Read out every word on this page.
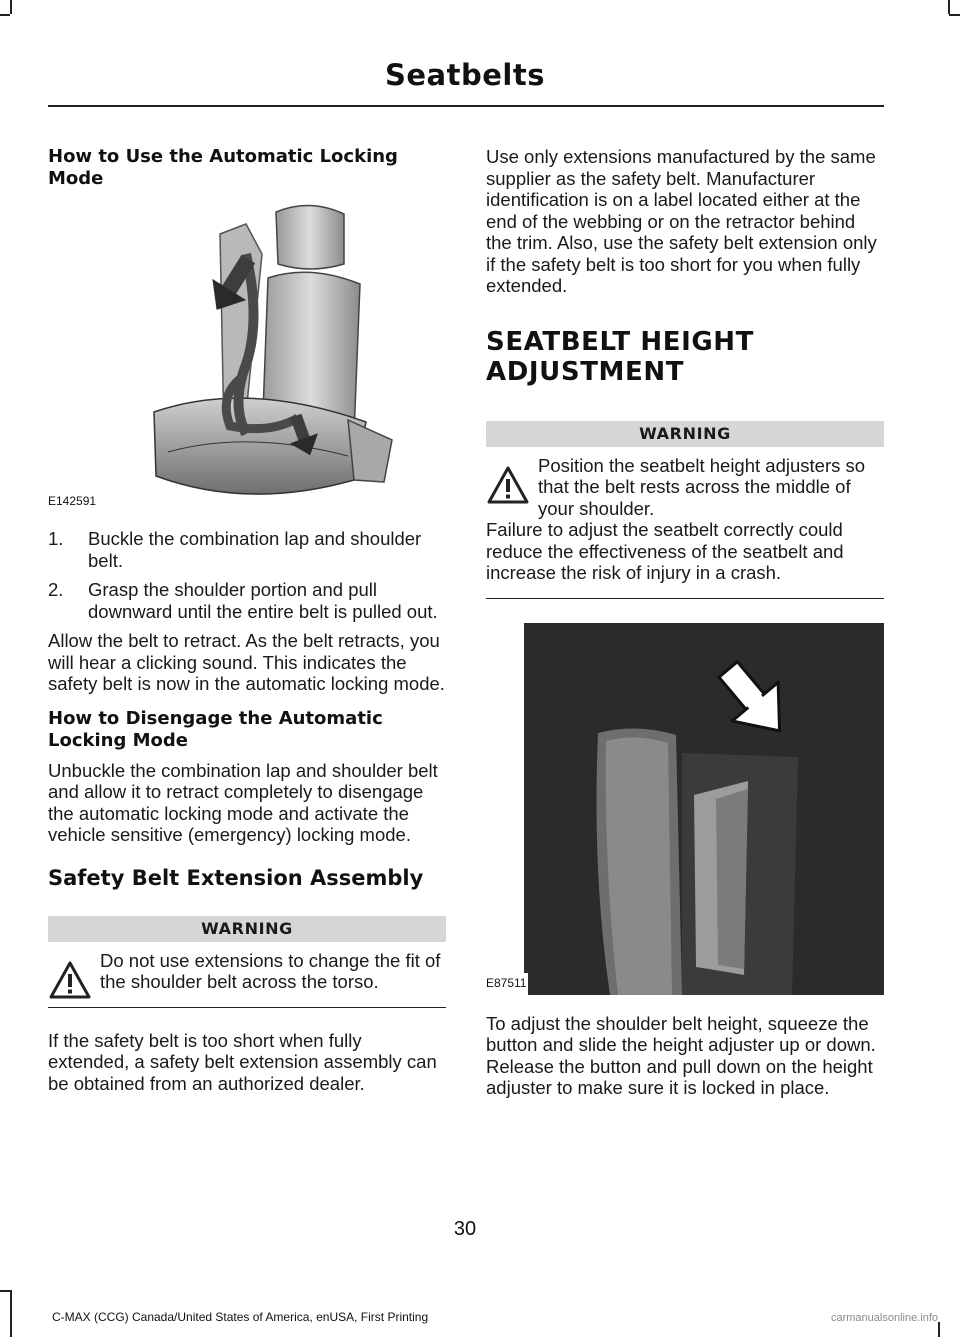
Seatbelts
How to Use the Automatic Locking Mode
E142591
1. Buckle the combination lap and shoulder belt.
2. Grasp the shoulder portion and pull downward until the entire belt is pulled out.

Allow the belt to retract. As the belt retracts, you will hear a clicking sound. This indicates the safety belt is now in the automatic locking mode.

How to Disengage the Automatic Locking Mode

Unbuckle the combination lap and shoulder belt and allow it to retract completely to disengage the automatic locking mode and activate the vehicle sensitive (emergency) locking mode.

Safety Belt Extension Assembly
WARNING
Do not use extensions to change the fit of the shoulder belt across the torso.

If the safety belt is too short when fully extended, a safety belt extension assembly can be obtained from an authorized dealer.

Use only extensions manufactured by the same supplier as the safety belt. Manufacturer identification is on a label located either at the end of the webbing or on the retractor behind the trim. Also, use the safety belt extension only if the safety belt is too short for you when fully extended.

SEATBELT HEIGHT
ADJUSTMENT
WARNING
Position the seatbelt height adjusters so that the belt rests across the middle of your shoulder.
Failure to adjust the seatbelt correctly could reduce the effectiveness of the seatbelt and increase the risk of injury in a crash.
E87511

To adjust the shoulder belt height, squeeze the button and slide the height adjuster up or down. Release the button and pull down on the height adjuster to make sure it is locked in place.

30
C-MAX (CCG) Canada/United States of America, enUSA, First Printing	carmanualsonline.info
